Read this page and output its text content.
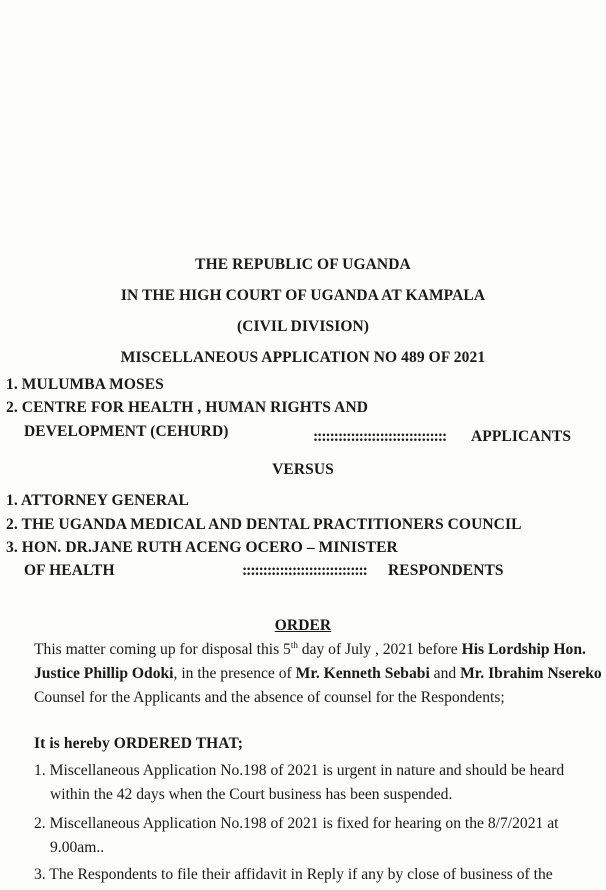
THE REPUBLIC OF UGANDA
IN THE HIGH COURT OF UGANDA AT KAMPALA
(CIVIL DIVISION)
MISCELLANEOUS APPLICATION NO 489 OF 2021
1. MULUMBA MOSES
2. CENTRE FOR HEALTH , HUMAN RIGHTS AND
DEVELOPMENT (CEHURD)	:::::::::::::::::::::::::::::::: APPLICANTS
VERSUS
1. ATTORNEY GENERAL
2. THE UGANDA MEDICAL AND DENTAL PRACTITIONERS COUNCIL
3. HON. DR.JANE RUTH ACENG OCERO – MINISTER
OF HEALTH	:::::::::::::::::::::::::::::: RESPONDENTS
ORDER
This matter coming up for disposal this 5th day of July , 2021 before His Lordship Hon.
Justice Phillip Odoki, in the presence of Mr. Kenneth Sebabi and Mr. Ibrahim Nsereko
Counsel for the Applicants and the absence of counsel for the Respondents;
It is hereby ORDERED THAT;
1. Miscellaneous Application No.198 of 2021 is urgent in nature and should be heard
within the 42 days when the Court business has been suspended.
2. Miscellaneous Application No.198 of 2021 is fixed for hearing on the 8/7/2021 at
9.00am..
3. The Respondents to file their affidavit in Reply if any by close of business of the
